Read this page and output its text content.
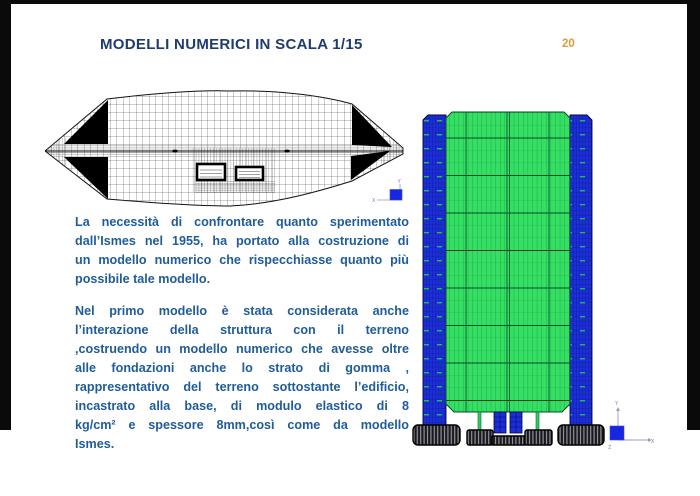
MODELLI NUMERICI IN SCALA 1/15	20
Y
X
Y
X
Z
La necessità di confrontare quanto sperimentato
dall’Ismes nel 1955, ha portato alla costruzione di
un modello numerico che rispecchiasse quanto più
possibile tale modello.
Nel primo modello è stata considerata anche
l’interazione della struttura con il terreno
,costruendo un modello numerico che avesse oltre
alle fondazioni anche lo strato di gomma ,
rappresentativo del terreno sottostante l’edificio,
incastrato alla base, di modulo elastico di 8
kg/cm² e spessore 8mm,così come da modello
Ismes.
